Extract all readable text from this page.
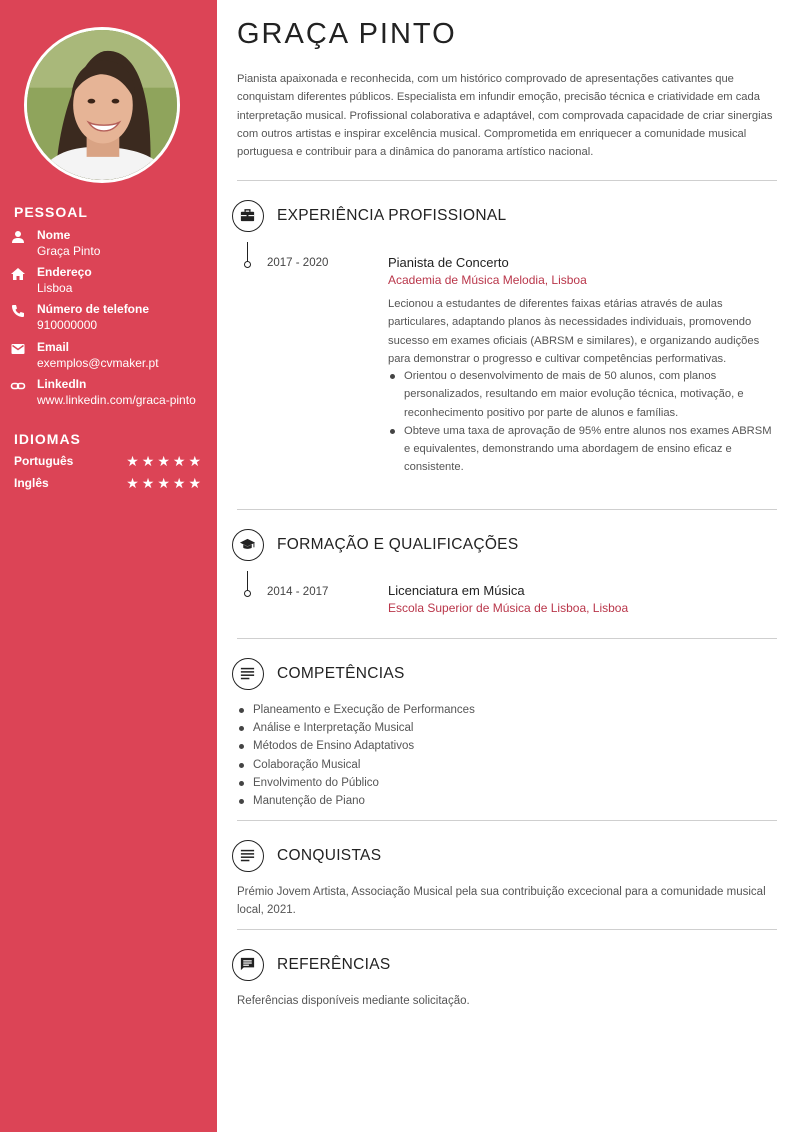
PESSOAL
Nome
Graça Pinto
Endereço
Lisboa
Número de telefone
910000000
Email
exemplos@cvmaker.pt
LinkedIn
www.linkedin.com/graca-pinto
IDIOMAS
Português	★★★★★
Inglês	★★★★★
GRAÇA PINTO

Pianista apaixonada e reconhecida, com um histórico comprovado de apresentações cativantes que conquistam diferentes públicos. Especialista em infundir emoção, precisão técnica e criatividade em cada interpretação musical. Profissional colaborativa e adaptável, com comprovada capacidade de criar sinergias com outros artistas e inspirar excelência musical. Comprometida em enriquecer a comunidade musical portuguesa e contribuir para a dinâmica do panorama artístico nacional.

EXPERIÊNCIA PROFISSIONAL
2017 - 2020	Pianista de Concerto
Academia de Música Melodia, Lisboa

Lecionou a estudantes de diferentes faixas etárias através de aulas particulares, adaptando planos às necessidades individuais, promovendo sucesso em exames oficiais (ABRSM e similares), e organizando audições para demonstrar o progresso e cultivar competências performativas.

Orientou o desenvolvimento de mais de 50 alunos, com planos personalizados, resultando em maior evolução técnica, motivação, e reconhecimento positivo por parte de alunos e famílias.
Obteve uma taxa de aprovação de 95% entre alunos nos exames ABRSM e equivalentes, demonstrando uma abordagem de ensino eficaz e consistente.
FORMAÇÃO E QUALIFICAÇÕES
2014 - 2017	Licenciatura em Música
Escola Superior de Música de Lisboa, Lisboa
COMPETÊNCIAS
Planeamento e Execução de Performances
Análise e Interpretação Musical
Métodos de Ensino Adaptativos
Colaboração Musical
Envolvimento do Público
Manutenção de Piano
CONQUISTAS

Prémio Jovem Artista, Associação Musical pela sua contribuição excecional para a comunidade musical local, 2021.

REFERÊNCIAS

Referências disponíveis mediante solicitação.
